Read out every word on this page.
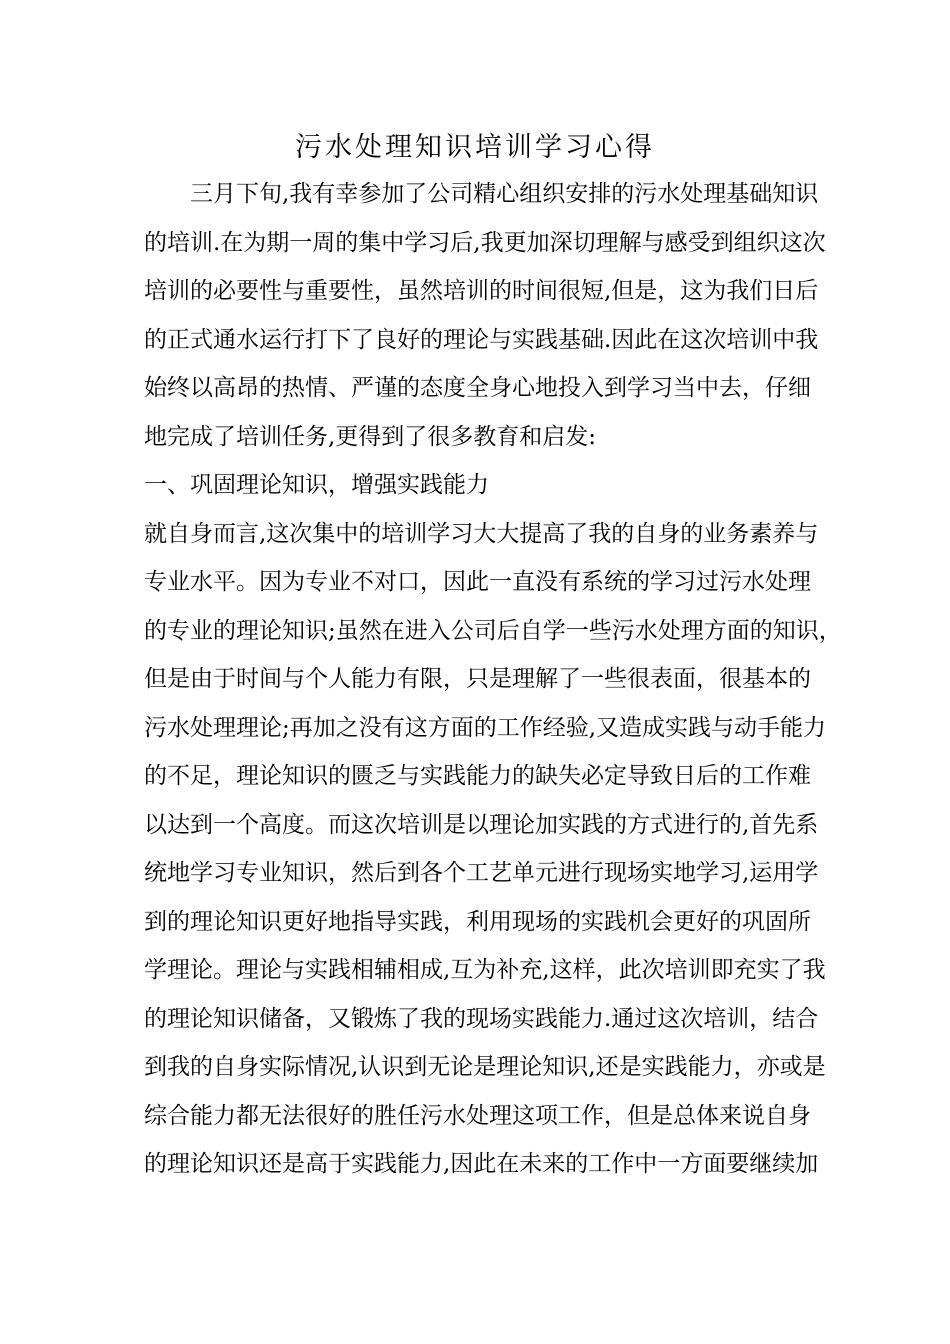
污水处理知识培训学习心得
三月下旬,我有幸参加了公司精心组织安排的污水处理基础知识
的培训.在为期一周的集中学习后,我更加深切理解与感受到组织这次
培训的必要性与重要性，虽然培训的时间很短,但是，这为我们日后
的正式通水运行打下了良好的理论与实践基础.因此在这次培训中我
始终以高昂的热情、严谨的态度全身心地投入到学习当中去，仔细
地完成了培训任务,更得到了很多教育和启发:
一、巩固理论知识，增强实践能力
就自身而言,这次集中的培训学习大大提高了我的自身的业务素养与
专业水平。因为专业不对口，因此一直没有系统的学习过污水处理
的专业的理论知识;虽然在进入公司后自学一些污水处理方面的知识，
但是由于时间与个人能力有限，只是理解了一些很表面，很基本的
污水处理理论;再加之没有这方面的工作经验,又造成实践与动手能力
的不足，理论知识的匮乏与实践能力的缺失必定导致日后的工作难
以达到一个高度。而这次培训是以理论加实践的方式进行的,首先系
统地学习专业知识，然后到各个工艺单元进行现场实地学习,运用学
到的理论知识更好地指导实践，利用现场的实践机会更好的巩固所
学理论。理论与实践相辅相成,互为补充,这样，此次培训即充实了我
的理论知识储备，又锻炼了我的现场实践能力.通过这次培训，结合
到我的自身实际情况,认识到无论是理论知识,还是实践能力，亦或是
综合能力都无法很好的胜任污水处理这项工作，但是总体来说自身
的理论知识还是高于实践能力,因此在未来的工作中一方面要继续加
